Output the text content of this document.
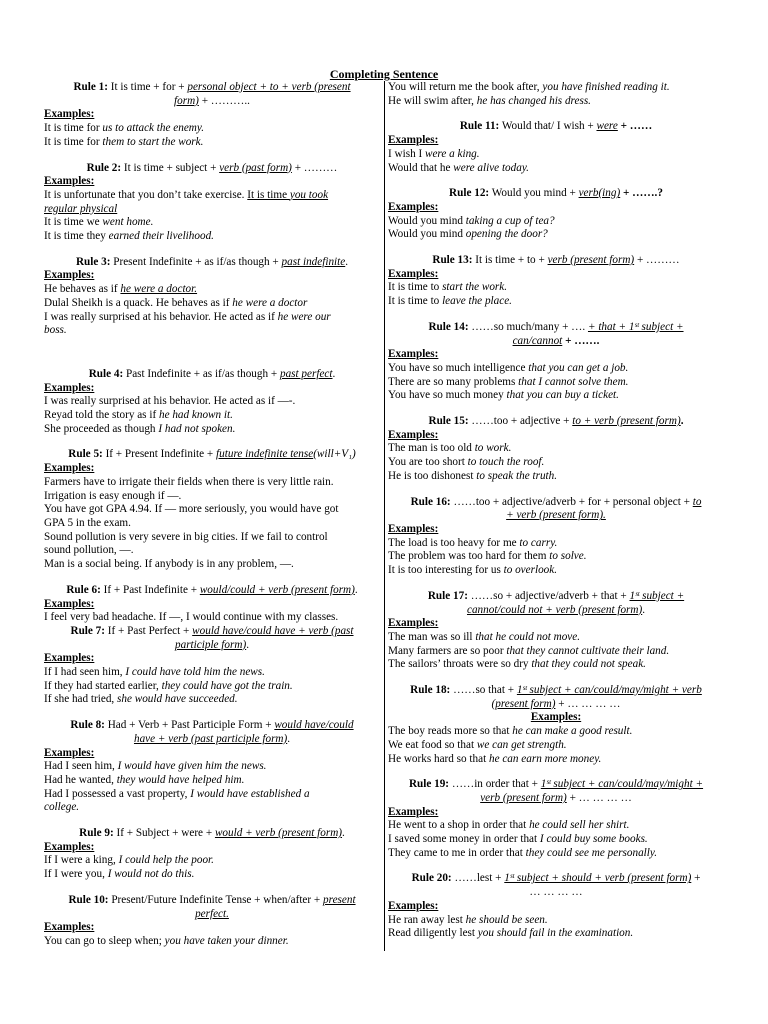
Completing Sentence
Rule 1: It is time + for + personal object + to + verb (present
form) + ………..
Examples:
It is time for us to attack the enemy.
It is time for them to start the work.
Rule 2: It is time + subject + verb (past form) + ………
Examples:
It is unfortunate that you don’t take exercise. It is time you took
regular physical
It is time we went home.
It is time they earned their livelihood.
Rule 3: Present Indefinite + as if/as though + past indefinite.
Examples:
He behaves as if he were a doctor.
Dulal Sheikh is a quack. He behaves as if he were a doctor
I was really surprised at his behavior. He acted as if he were our
boss.
Rule 4: Past Indefinite + as if/as though + past perfect.
Examples:
I was really surprised at his behavior. He acted as if —-.
Reyad told the story as if he had known it.
She proceeded as though I had not spoken.
Rule 5: If + Present Indefinite + future indefinite tense(will+V₁)
Examples:
Farmers have to irrigate their fields when there is very little rain.
Irrigation is easy enough if —.
You have got GPA 4.94. If — more seriously, you would have got
GPA 5 in the exam.
Sound pollution is very severe in big cities. If we fail to control
sound pollution, —.
Man is a social being. If anybody is in any problem, —.
Rule 6: If + Past Indefinite + would/could + verb (present form).
Examples:
I feel very bad headache. If —, I would continue with my classes.
Rule 7: If + Past Perfect + would have/could have + verb (past
participle form).
Examples:
If I had seen him, I could have told him the news.
If they had started earlier, they could have got the train.
If she had tried, she would have succeeded.
Rule 8: Had + Verb + Past Participle Form + would have/could
have + verb (past participle form).
Examples:
Had I seen him, I would have given him the news.
Had he wanted, they would have helped him.
Had I possessed a vast property, I would have established a
college.
Rule 9: If + Subject + were + would + verb (present form).
Examples:
If I were a king, I could help the poor.
If I were you, I would not do this.
Rule 10: Present/Future Indefinite Tense + when/after + present
perfect.
Examples:
You can go to sleep when; you have taken your dinner.
You will return me the book after, you have finished reading it.
He will swim after, he has changed his dress.
Rule 11: Would that/ I wish + were + ……
Examples:
I wish I were a king.
Would that he were alive today.
Rule 12: Would you mind + verb(ing) + …….?
Examples:
Would you mind taking a cup of tea?
Would you mind opening the door?
Rule 13: It is time + to + verb (present form) + ………
Examples:
It is time to start the work.
It is time to leave the place.
Rule 14: ……so much/many + …. + that + 1ˢᵗ subject +
can/cannot + …….
Examples:
You have so much intelligence that you can get a job.
There are so many problems that I cannot solve them.
You have so much money that you can buy a ticket.
Rule 15: ……too + adjective + to + verb (present form).
Examples:
The man is too old to work.
You are too short to touch the roof.
He is too dishonest to speak the truth.
Rule 16: ……too + adjective/adverb + for + personal object + to
+ verb (present form).
Examples:
The load is too heavy for me to carry.
The problem was too hard for them to solve.
It is too interesting for us to overlook.
Rule 17: ……so + adjective/adverb + that + 1ˢᵗ subject +
cannot/could not + verb (present form).
Examples:
The man was so ill that he could not move.
Many farmers are so poor that they cannot cultivate their land.
The sailors’ throats were so dry that they could not speak.
Rule 18: ……so that + 1ˢᵗ subject + can/could/may/might + verb
(present form) + … … … …
Examples:
The boy reads more so that he can make a good result.
We eat food so that we can get strength.
He works hard so that he can earn more money.
Rule 19: ……in order that + 1ˢᵗ subject + can/could/may/might +
verb (present form) + … … … …
Examples:
He went to a shop in order that he could sell her shirt.
I saved some money in order that I could buy some books.
They came to me in order that they could see me personally.
Rule 20: ……lest + 1ˢᵗ subject + should + verb (present form) +
… … … …
Examples:
He ran away lest he should be seen.
Read diligently lest you should fail in the examination.
